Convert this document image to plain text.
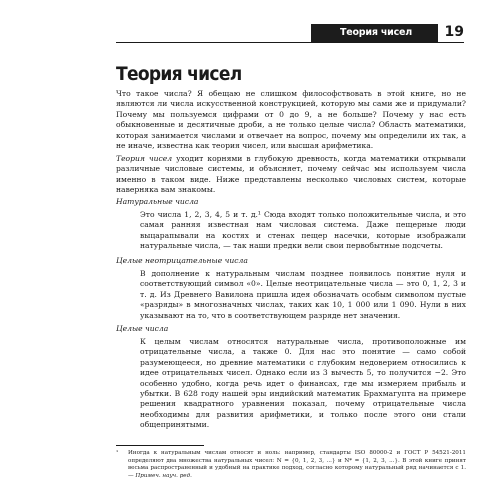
Теория чисел	19
Теория чисел

Что такое числа? Я обещаю не слишком философствовать в этой книге, но не являются ли числа искусственной конструкцией, которую мы сами же и придумали? Почему мы пользуемся цифрами от 0 до 9, а не больше? Почему у нас есть обыкновенные и десятичные дроби, а не только целые числа? Область математики, которая занимается числами и отвечает на вопрос, почему мы определили их так, а не иначе, известна как теория чисел, или высшая арифметика.

Теория чисел уходит корнями в глубокую древность, когда математики открывали различные числовые системы, и объясняет, почему сейчас мы используем числа именно в таком виде. Ниже представлены несколько числовых систем, которые наверняка вам знакомы.

Натуральные числа

Это числа 1, 2, 3, 4, 5 и т. д.¹ Сюда входят только положительные числа, и это самая ранняя известная нам числовая система. Даже пещерные люди выцарапывали на костях и стенах пещер насечки, которые изображали натуральные числа, — так наши предки вели свои первобытные подсчеты.

Целые неотрицательные числа

В дополнение к натуральным числам позднее появилось понятие нуля и соответствующий символ «0». Целые неотрицательные числа — это 0, 1, 2, 3 и т. д. Из Древнего Вавилона пришла идея обозначать особым символом пустые «разряды» в многозначных числах, таких как 10, 1 000 или 1 090. Нули в них указывают на то, что в соответствующем разряде нет значения.

Целые числа

К целым числам относятся натуральные числа, противоположные им отрицательные числа, а также 0. Для нас это понятие — само собой разумеющееся, но древние математики с глубоким недоверием относились к идее отрицательных чисел. Однако если из 3 вычесть 5, то получится −2. Это особенно удобно, когда речь идет о финансах, где мы измеряем прибыль и убытки. В 628 году нашей эры индийский математик Брахмагупта на примере решения квадратного уравнения показал, почему отрицательные числа необходимы для развития арифметики, и только после этого они стали общепринятыми.

¹ Иногда к натуральным числам относят и ноль: например, стандарты ISO 80000-2 и ГОСТ Р 54521-2011 определяют два множества натуральных чисел: N = {0, 1, 2, 3, ...} и N* = {1, 2, 3, ...}. В этой книге принят весьма распространенный и удобный на практике подход, согласно которому натуральный ряд начинается с 1. — Примеч. науч. ред.
